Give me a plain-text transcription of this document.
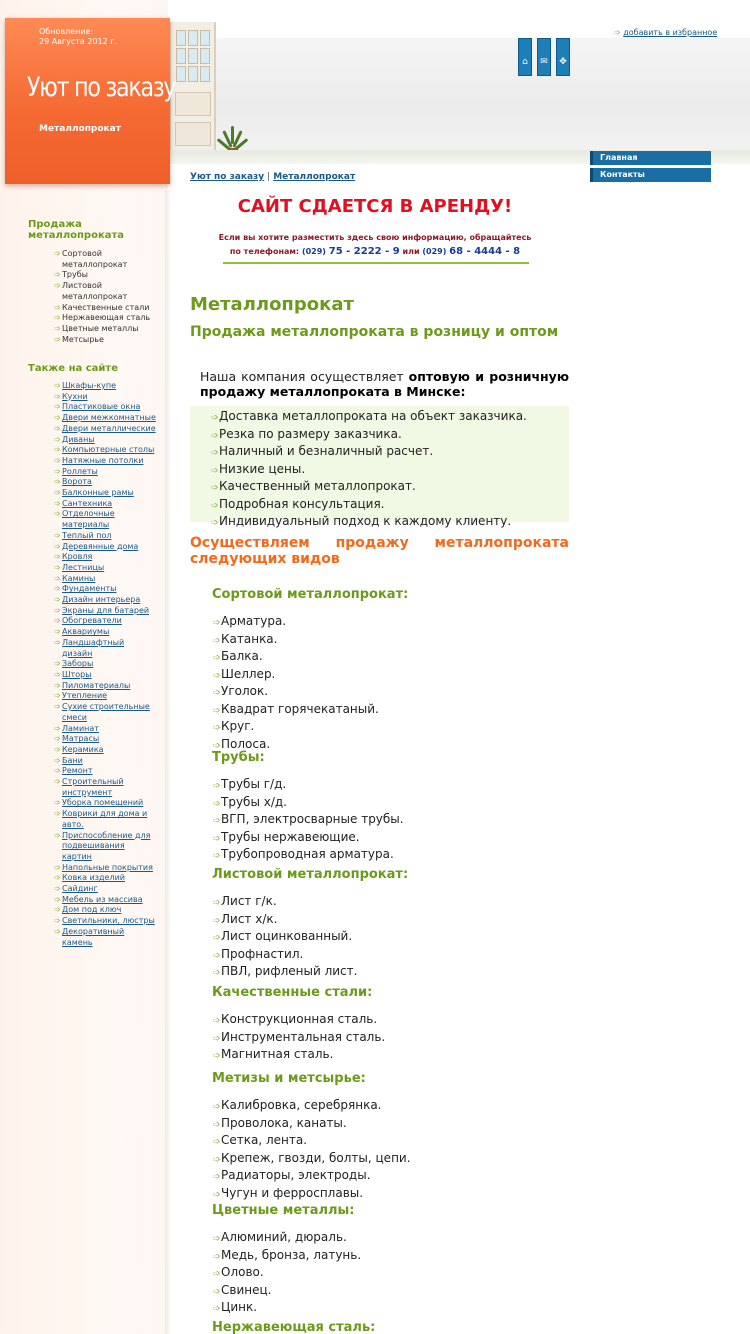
⌂	✉	✥
Обновление:
29 Августа 2012 г.
Уют по заказу
Металлопрокат
➩ добавить в избранное
Главная
Контакты
Уют по заказу | Металлопрокат
САЙТ СДАЕТСЯ В АРЕНДУ!
Если вы хотите разместить здесь свою информацию, обращайтесь
по телефонам: (029) 75 - 2222 - 9 или (029) 68 - 4444 - 8
Металлопрокат
Продажа металлопроката в розницу и оптом
Наша компания осуществляет оптовую и розничную продажу металлопроката в Минске:
➩Доставка металлопроката на объект заказчика.
➩Резка по размеру заказчика.
➩Наличный и безналичный расчет.
➩Низкие цены.
➩Качественный металлопрокат.
➩Подробная консультация.
➩Индивидуальный подход к каждому клиенту.
Осуществляем продажу металлопроката
следующих видов
Сортовой металлопрокат:
➩Арматура.
➩Катанка.
➩Балка.
➩Шеллер.
➩Уголок.
➩Квадрат горячекатаный.
➩Круг.
➩Полоса.
Трубы:
➩Трубы г/д.
➩Трубы х/д.
➩ВГП, электросварные трубы.
➩Трубы нержавеющие.
➩Трубопроводная арматура.
Листовой металлопрокат:
➩Лист г/к.
➩Лист х/к.
➩Лист оцинкованный.
➩Профнастил.
➩ПВЛ, рифленый лист.
Качественные стали:
➩Конструкционная сталь.
➩Инструментальная сталь.
➩Магнитная сталь.
Метизы и метсырье:
➩Калибровка, серебрянка.
➩Проволока, канаты.
➩Сетка, лента.
➩Крепеж, гвозди, болты, цепи.
➩Радиаторы, электроды.
➩Чугун и ферросплавы.
Цветные металлы:
➩Алюминий, дюраль.
➩Медь, бронза, латунь.
➩Олово.
➩Свинец.
➩Цинк.
Нержавеющая сталь:
Продажа
металлопроката
➩Сортовой
металлопрокат
➩Трубы
➩Листовой
металлопрокат
➩Качественные стали
➩Нержавеющая сталь
➩Цветные металлы
➩Метсырье
Также на сайте
➩Шкафы-купе
➩Кухни
➩Пластиковые окна
➩Двери межкомнатные
➩Двери металлические
➩Диваны
➩Компьютерные столы
➩Натяжные потолки
➩Роллеты
➩Ворота
➩Балконные рамы
➩Сантехника
➩Отделочные
материалы
➩Теплый пол
➩Деревянные дома
➩Кровля
➩Лестницы
➩Камины
➩Фундаменты
➩Дизайн интерьера
➩Экраны для батарей
➩Обогреватели
➩Аквариумы
➩Ландшафтный
дизайн
➩Заборы
➩Шторы
➩Пиломатериалы
➩Утепление
➩Сухие строительные
смеси
➩Ламинат
➩Матрасы
➩Керамика
➩Бани
➩Ремонт
➩Строительный
инструмент
➩Уборка помещений
➩Коврики для дома и
авто.
➩Приспособление для
подвешивания
картин
➩Напольные покрытия
➩Ковка изделий
➩Сайдинг
➩Мебель из массива
➩Дом под ключ
➩Светильники, люстры
➩Декоративный
камень
